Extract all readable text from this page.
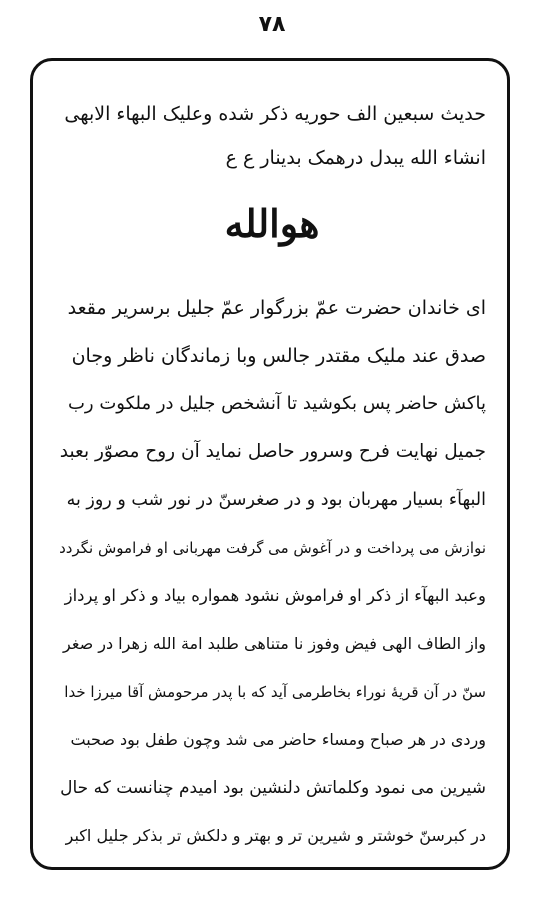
۷۸
حدیث سبعین الف حوریه ذکر شده وعلیک البهاء الابهی
انشاء الله یبدل درهمک بدینار ع ع
هوالله
ای خاندان حضرت عمّ بزرگوار عمّ جلیل برسریر مقعد
صدق عند ملیک مقتدر جالس وبا زماندگان ناظر وجان
پاکش حاضر پس بکوشید تا آنشخص جلیل در ملکوت رب
جمیل نهایت فرح وسرور حاصل نماید آن روح مصوّر بعبد
البهآء بسیار مهربان بود و در صغرسنّ در نور شب و روز به
نوازش می پرداخت و در آغوش می گرفت مهربانی او فراموش نگردد
وعبد البهآء از ذکر او فراموش نشود همواره بیاد و ذکر او پرداز
واز الطاف الهی فیض وفوز نا متناهی طلبد امة الله زهرا در صغر
سنّ در آن قریهٔ نوراء بخاطرمی آید که با پدر مرحومش آقا میرزا خدا
وردی در هر صباح ومساء حاضر می شد وچون طفل بود صحبت
شیرین می نمود وکلماتش دلنشین بود امیدم چنانست که حال
در کبرسنّ خوشتر و شیرین تر و بهتر و دلکش تر بذکر جلیل اکبر
